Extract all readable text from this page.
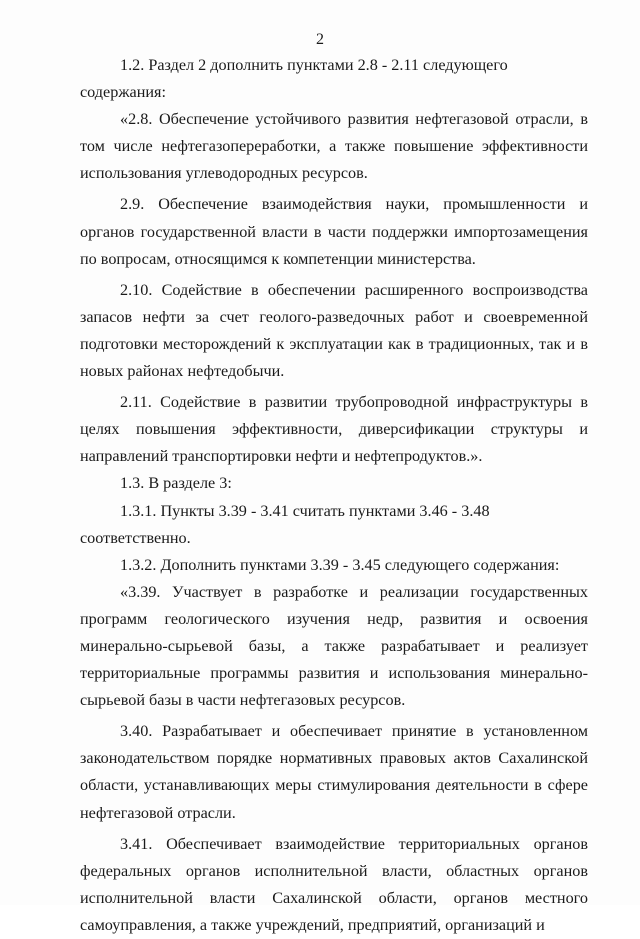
2

1.2. Раздел 2 дополнить пунктами 2.8 - 2.11 следующего содержания:

«2.8. Обеспечение устойчивого развития нефтегазовой отрасли, в том числе нефтегазопереработки, а также повышение эффективности использования углеводородных ресурсов.

2.9. Обеспечение взаимодействия науки, промышленности и органов государственной власти в части поддержки импортозамещения по вопросам, относящимся к компетенции министерства.

2.10. Содействие в обеспечении расширенного воспроизводства запасов нефти за счет геолого-разведочных работ и своевременной подготовки месторождений к эксплуатации как в традиционных, так и в новых районах нефтедобычи.

2.11. Содействие в развитии трубопроводной инфраструктуры в целях повышения эффективности, диверсификации структуры и направлений транспортировки нефти и нефтепродуктов.».

1.3. В разделе 3:

1.3.1. Пункты 3.39 - 3.41 считать пунктами 3.46 - 3.48 соответственно.

1.3.2. Дополнить пунктами 3.39 - 3.45 следующего содержания:

«3.39. Участвует в разработке и реализации государственных программ геологического изучения недр, развития и освоения минерально-сырьевой базы, а также разрабатывает и реализует территориальные программы развития и использования минерально-сырьевой базы в части нефтегазовых ресурсов.

3.40. Разрабатывает и обеспечивает принятие в установленном законодательством порядке нормативных правовых актов Сахалинской области, устанавливающих меры стимулирования деятельности в сфере нефтегазовой отрасли.

3.41. Обеспечивает взаимодействие территориальных органов федеральных органов исполнительной власти, областных органов исполнительной власти Сахалинской области, органов местного самоуправления, а также учреждений, предприятий, организаций и
